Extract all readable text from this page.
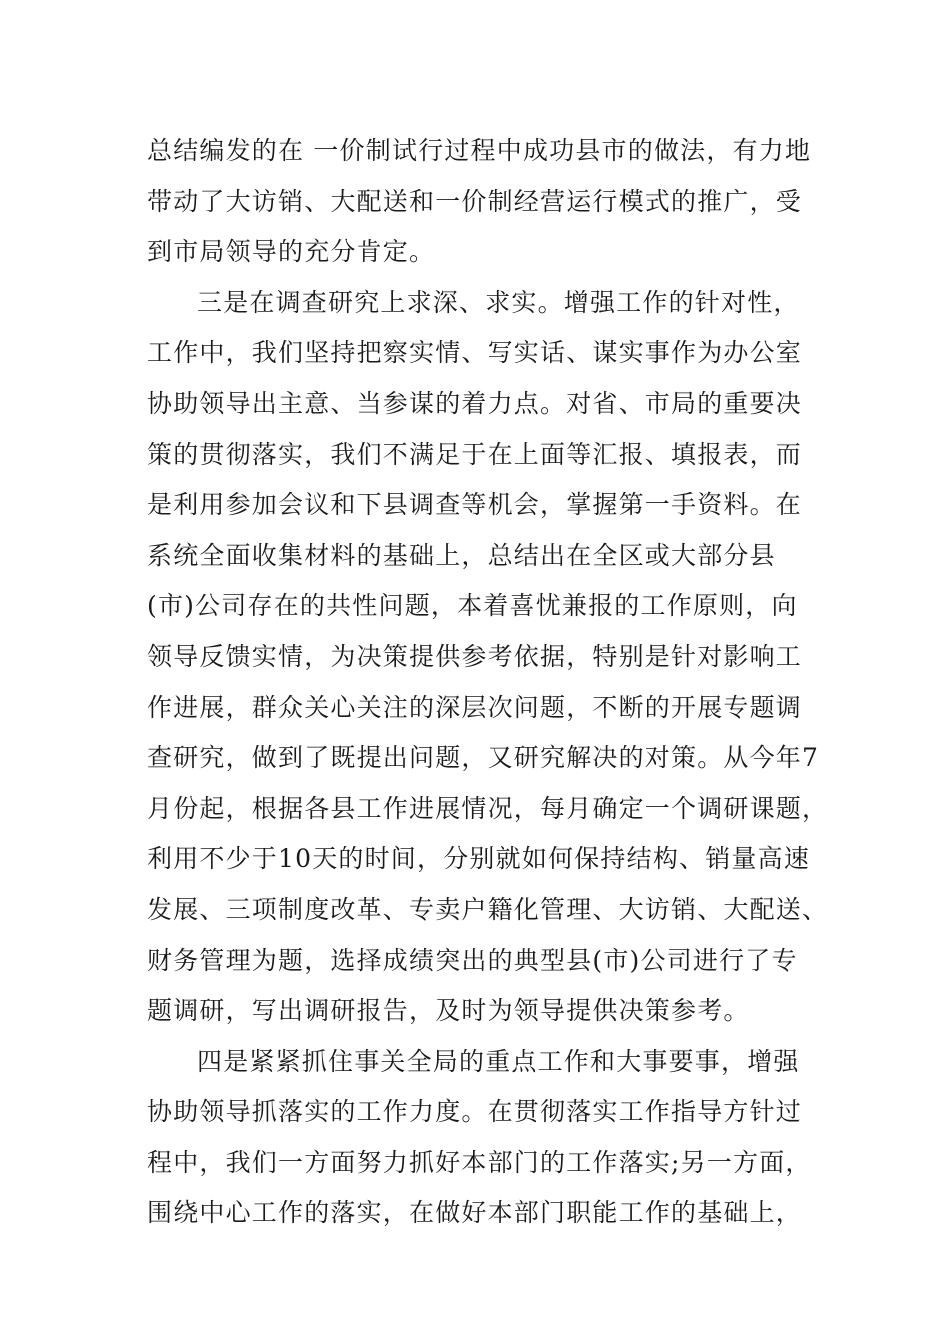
总结编发的在 一价制试行过程中成功县市的做法，有力地
带动了大访销、大配送和一价制经营运行模式的推广，受
到市局领导的充分肯定。
三是在调查研究上求深、求实。增强工作的针对性，
工作中，我们坚持把察实情、写实话、谋实事作为办公室
协助领导出主意、当参谋的着力点。对省、市局的重要决
策的贯彻落实，我们不满足于在上面等汇报、填报表，而
是利用参加会议和下县调查等机会，掌握第一手资料。在
系统全面收集材料的基础上，总结出在全区或大部分县
(市)公司存在的共性问题，本着喜忧兼报的工作原则，向
领导反馈实情，为决策提供参考依据，特别是针对影响工
作进展，群众关心关注的深层次问题，不断的开展专题调
查研究，做到了既提出问题，又研究解决的对策。从今年7
月份起，根据各县工作进展情况，每月确定一个调研课题，
利用不少于10天的时间，分别就如何保持结构、销量高速
发展、三项制度改革、专卖户籍化管理、大访销、大配送、
财务管理为题，选择成绩突出的典型县(市)公司进行了专
题调研，写出调研报告，及时为领导提供决策参考。
四是紧紧抓住事关全局的重点工作和大事要事，增强
协助领导抓落实的工作力度。在贯彻落实工作指导方针过
程中，我们一方面努力抓好本部门的工作落实;另一方面，
围绕中心工作的落实，在做好本部门职能工作的基础上，
